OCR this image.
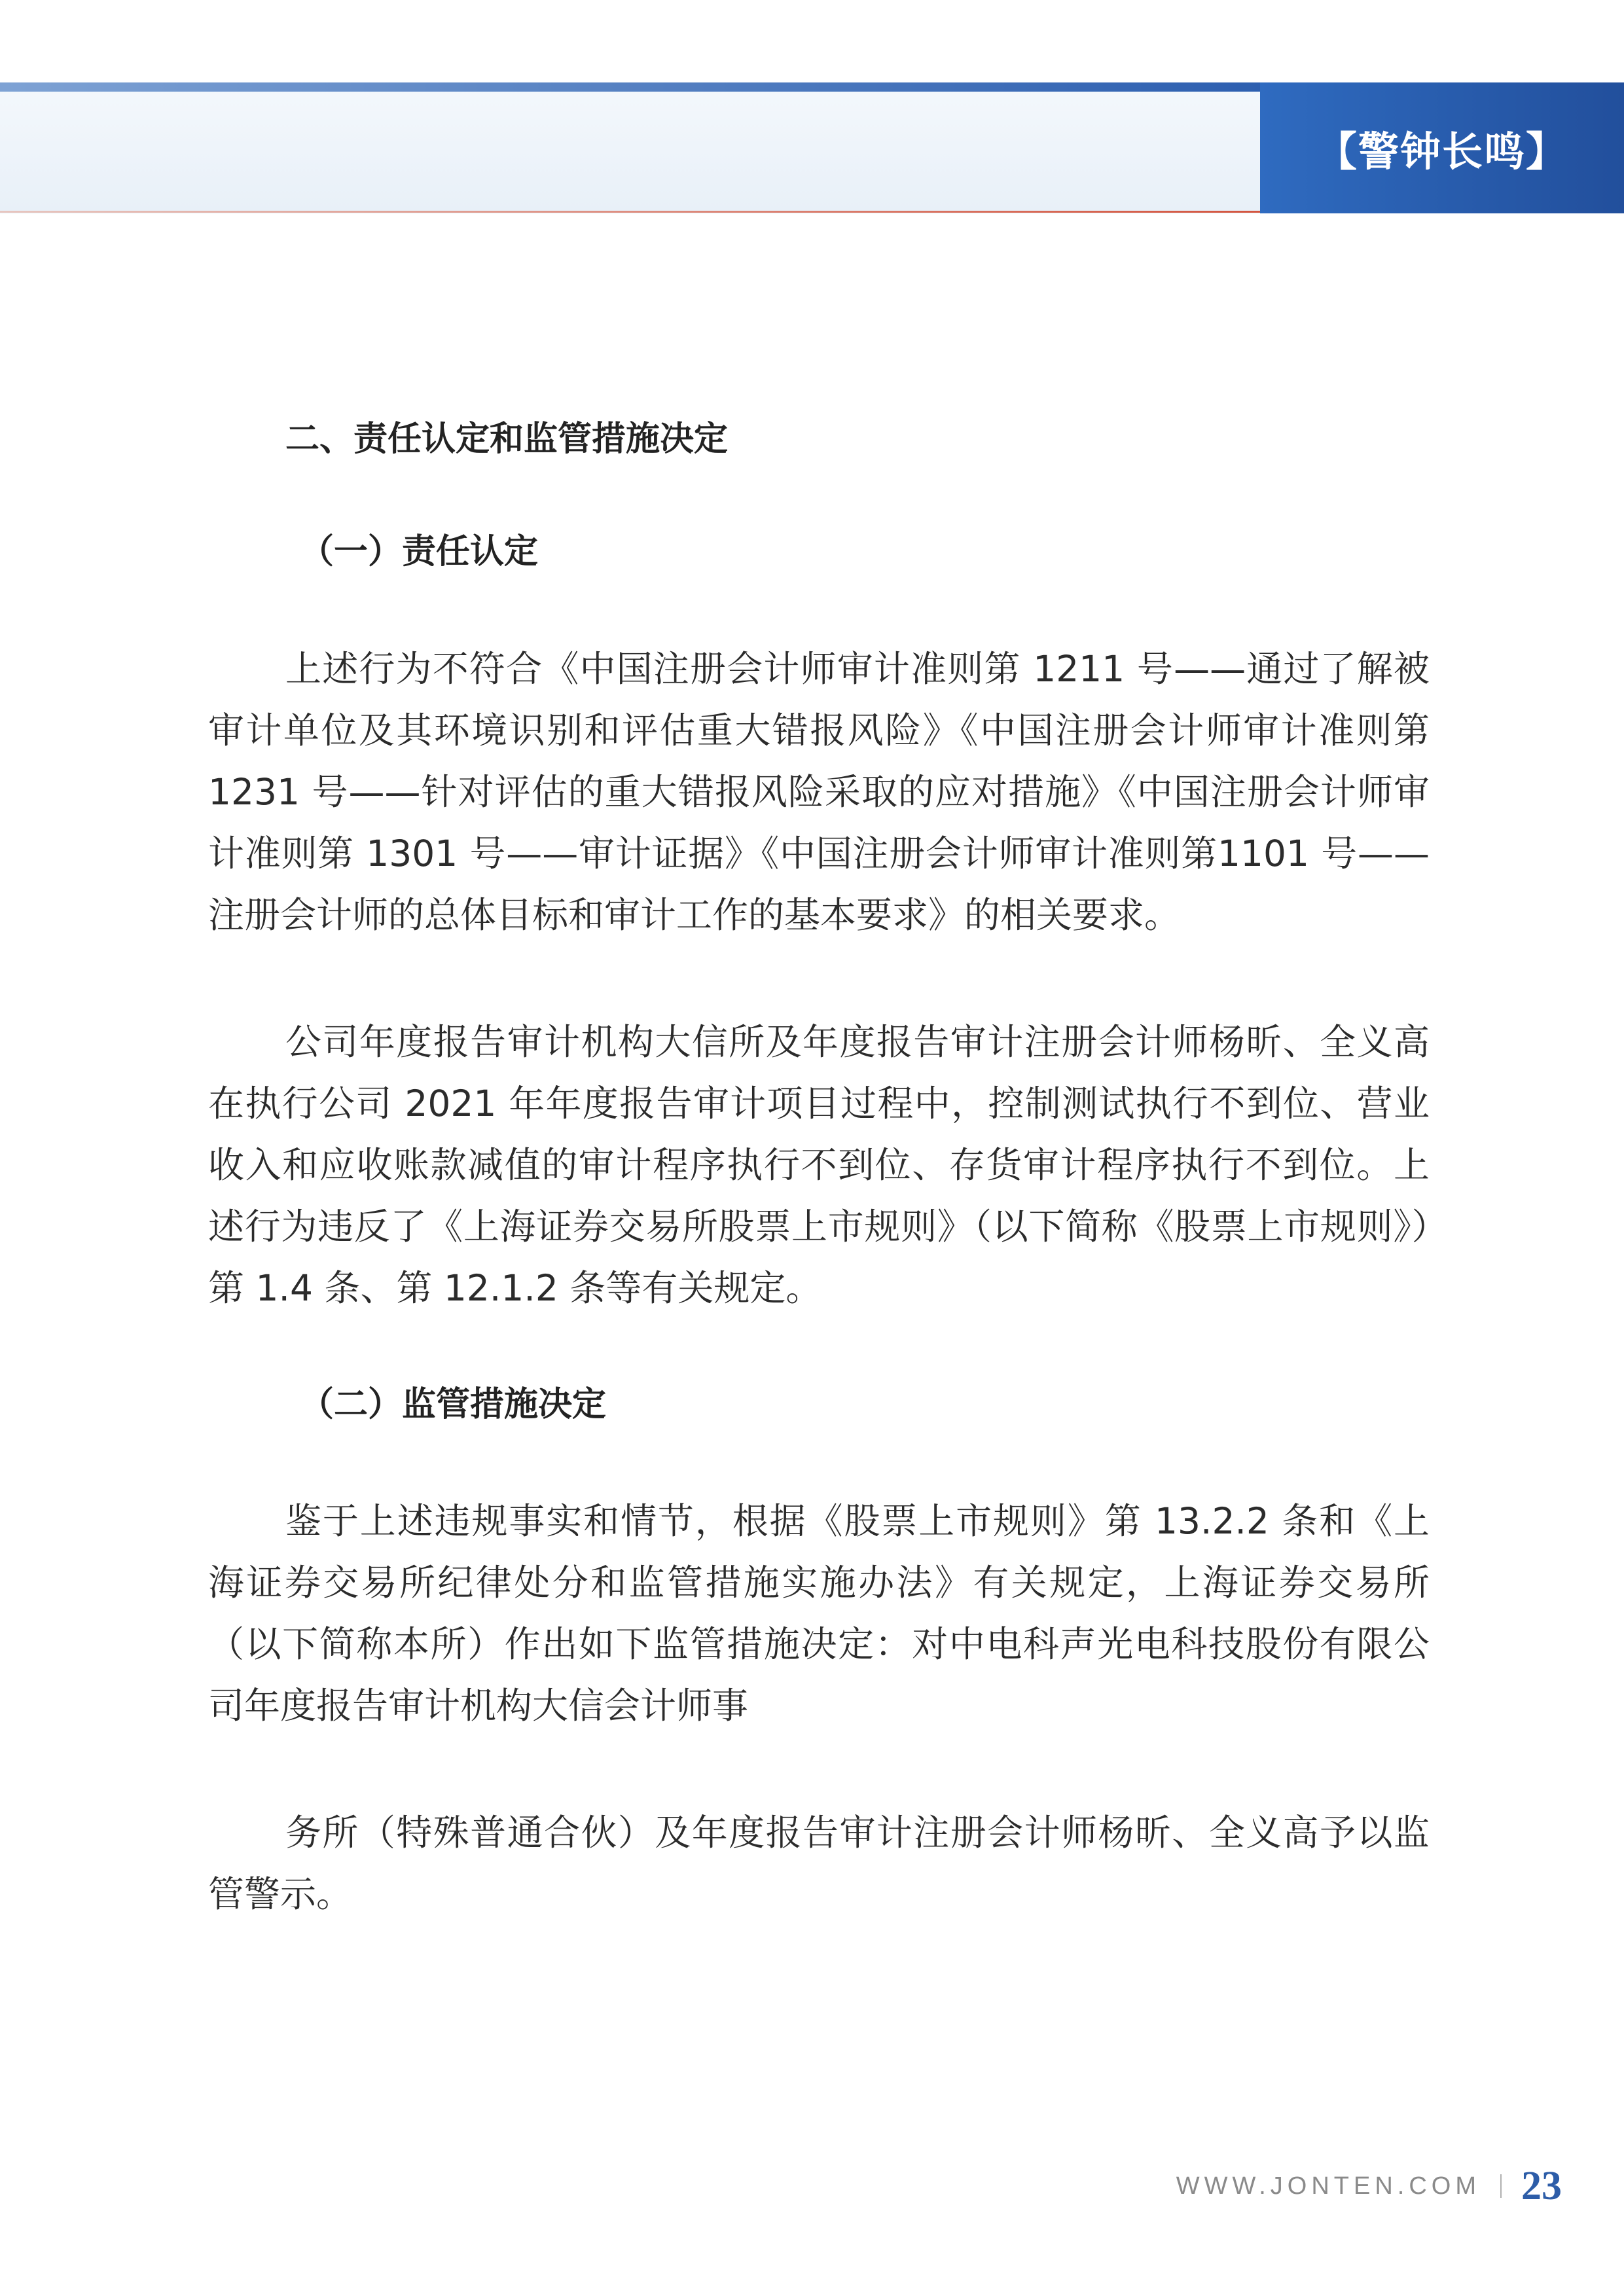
【警钟长鸣】
二、责任认定和监管措施决定
（一）责任认定

上述行为不符合《中国注册会计师审计准则第 1211 号——通过了解被审计单位及其环境识别和评估重大错报风险》《中国注册会计师审计准则第 1231 号——针对评估的重大错报风险采取的应对措施》《中国注册会计师审计准则第 1301 号——审计证据》《中国注册会计师审计准则第1101 号——注册会计师的总体目标和审计工作的基本要求》的相关要求。

公司年度报告审计机构大信所及年度报告审计注册会计师杨昕、全义高在执行公司 2021 年年度报告审计项目过程中，控制测试执行不到位、营业收入和应收账款减值的审计程序执行不到位、存货审计程序执行不到位。上述行为违反了《上海证券交易所股票上市规则》（以下简称《股票上市规则》）第 1.4 条、第 12.1.2 条等有关规定。

（二）监管措施决定

鉴于上述违规事实和情节，根据《股票上市规则》第 13.2.2 条和《上海证券交易所纪律处分和监管措施实施办法》有关规定，上海证券交易所（以下简称本所）作出如下监管措施决定：对中电科声光电科技股份有限公司年度报告审计机构大信会计师事

务所（特殊普通合伙）及年度报告审计注册会计师杨昕、全义高予以监管警示。

WWW.JONTEN.COM 23
